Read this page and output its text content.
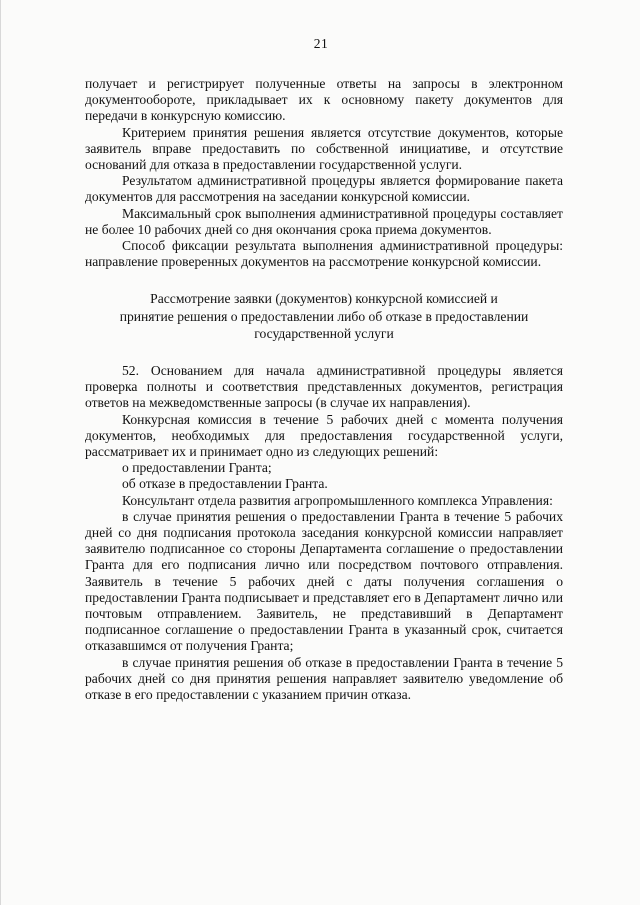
21

получает и регистрирует полученные ответы на запросы в электронном документообороте, прикладывает их к основному пакету документов для передачи в конкурсную комиссию.

Критерием принятия решения является отсутствие документов, которые заявитель вправе предоставить по собственной инициативе, и отсутствие оснований для отказа в предоставлении государственной услуги.

Результатом административной процедуры является формирование пакета документов для рассмотрения на заседании конкурсной комиссии.

Максимальный срок выполнения административной процедуры составляет не более 10 рабочих дней со дня окончания срока приема документов.

Способ фиксации результата выполнения административной процедуры: направление проверенных документов на рассмотрение конкурсной комиссии.

Рассмотрение заявки (документов) конкурсной комиссией и
принятие решения о предоставлении либо об отказе в предоставлении
государственной услуги

52. Основанием для начала административной процедуры является проверка полноты и соответствия представленных документов, регистрация ответов на межведомственные запросы (в случае их направления).

Конкурсная комиссия в течение 5 рабочих дней с момента получения документов, необходимых для предоставления государственной услуги, рассматривает их и принимает одно из следующих решений:

о предоставлении Гранта;

об отказе в предоставлении Гранта.

Консультант отдела развития агропромышленного комплекса Управления:

в случае принятия решения о предоставлении Гранта в течение 5 рабочих дней со дня подписания протокола заседания конкурсной комиссии направляет заявителю подписанное со стороны Департамента соглашение о предоставлении Гранта для его подписания лично или посредством почтового отправления. Заявитель в течение 5 рабочих дней с даты получения соглашения о предоставлении Гранта подписывает и представляет его в Департамент лично или почтовым отправлением. Заявитель, не представивший в Департамент подписанное соглашение о предоставлении Гранта в указанный срок, считается отказавшимся от получения Гранта;

в случае принятия решения об отказе в предоставлении Гранта в течение 5 рабочих дней со дня принятия решения направляет заявителю уведомление об отказе в его предоставлении с указанием причин отказа.
